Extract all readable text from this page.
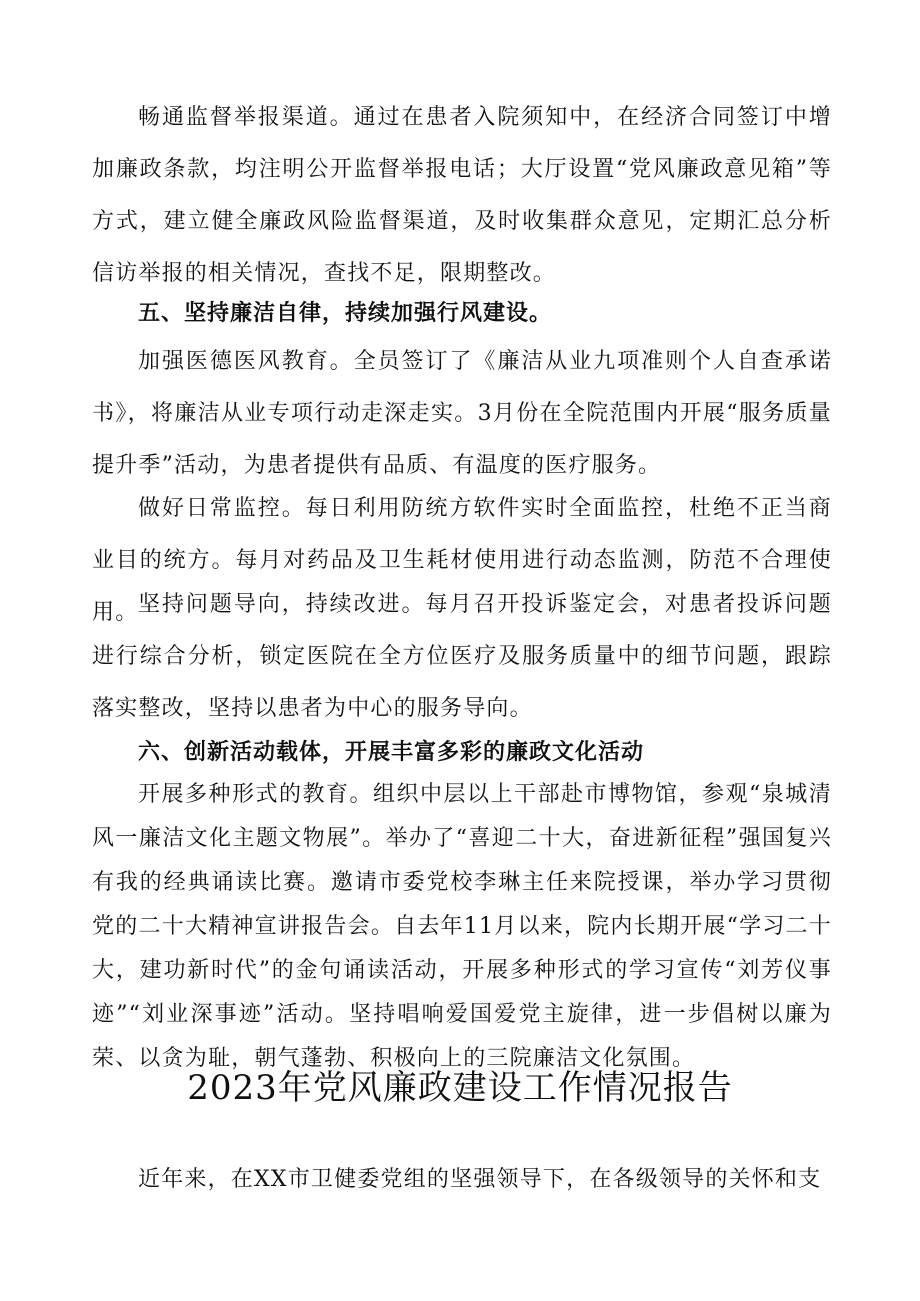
畅通监督举报渠道。通过在患者入院须知中，在经济合同签订中增加廉政条款，均注明公开监督举报电话；大厅设置“党风廉政意见箱”等方式，建立健全廉政风险监督渠道，及时收集群众意见，定期汇总分析信访举报的相关情况，查找不足，限期整改。

五、坚持廉洁自律，持续加强行风建设。

加强医德医风教育。全员签订了《廉洁从业九项准则个人自查承诺书》，将廉洁从业专项行动走深走实。3月份在全院范围内开展“服务质量提升季”活动，为患者提供有品质、有温度的医疗服务。

做好日常监控。每日利用防统方软件实时全面监控，杜绝不正当商业目的统方。每月对药品及卫生耗材使用进行动态监测，防范不合理使用。 坚持问题导向，持续改进。每月召开投诉鉴定会，对患者投诉问题进行综合分析，锁定医院在全方位医疗及服务质量中的细节问题，跟踪落实整改，坚持以患者为中心的服务导向。

六、创新活动载体，开展丰富多彩的廉政文化活动

开展多种形式的教育。组织中层以上干部赴市博物馆，参观“泉城清风一廉洁文化主题文物展”。举办了“喜迎二十大，奋进新征程”强国复兴有我的经典诵读比赛。邀请市委党校李琳主任来院授课，举办学习贯彻党的二十大精神宣讲报告会。自去年11月以来，院内长期开展“学习二十大，建功新时代”的金句诵读活动，开展多种形式的学习宣传“刘芳仪事迹”“刘业深事迹”活动。坚持唱响爱国爱党主旋律，进一步倡树以廉为荣、以贪为耻，朝气蓬勃、积极向上的三院廉洁文化氛围。

2023年党风廉政建设工作情况报告

近年来，在XX市卫健委党组的坚强领导下，在各级领导的关怀和支
